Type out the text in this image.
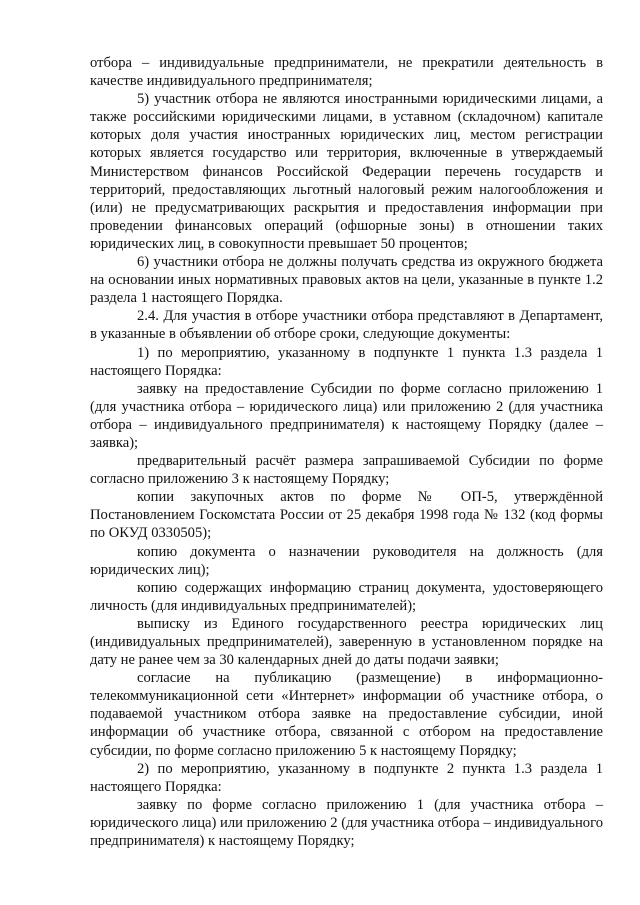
отбора – индивидуальные предприниматели, не прекратили деятельность в качестве индивидуального предпринимателя;

5) участник отбора не являются иностранными юридическими лицами, а также российскими юридическими лицами, в уставном (складочном) капитале которых доля участия иностранных юридических лиц, местом регистрации которых является государство или территория, включенные в утверждаемый Министерством финансов Российской Федерации перечень государств и территорий, предоставляющих льготный налоговый режим налогообложения и (или) не предусматривающих раскрытия и предоставления информации при проведении финансовых операций (офшорные зоны) в отношении таких юридических лиц, в совокупности превышает 50 процентов;

6) участники отбора не должны получать средства из окружного бюджета на основании иных нормативных правовых актов на цели, указанные в пункте 1.2 раздела 1 настоящего Порядка.

2.4. Для участия в отборе участники отбора представляют в Департамент, в указанные в объявлении об отборе сроки, следующие документы:

1) по мероприятию, указанному в подпункте 1 пункта 1.3 раздела 1 настоящего Порядка:

заявку на предоставление Субсидии по форме согласно приложению 1 (для участника отбора – юридического лица) или приложению 2 (для участника отбора – индивидуального предпринимателя) к настоящему Порядку (далее – заявка);

предварительный расчёт размера запрашиваемой Субсидии по форме согласно приложению 3 к настоящему Порядку;

копии закупочных актов по форме № ОП-5, утверждённой Постановлением Госкомстата России от 25 декабря 1998 года № 132 (код формы по ОКУД 0330505);

копию документа о назначении руководителя на должность (для юридических лиц);

копию содержащих информацию страниц документа, удостоверяющего личность (для индивидуальных предпринимателей);

выписку из Единого государственного реестра юридических лиц (индивидуальных предпринимателей), заверенную в установленном порядке на дату не ранее чем за 30 календарных дней до даты подачи заявки;

согласие на публикацию (размещение) в информационно-телекоммуникационной сети «Интернет» информации об участнике отбора, о подаваемой участником отбора заявке на предоставление субсидии, иной информации об участнике отбора, связанной с отбором на предоставление субсидии, по форме согласно приложению 5 к настоящему Порядку;

2) по мероприятию, указанному в подпункте 2 пункта 1.3 раздела 1 настоящего Порядка:

заявку по форме согласно приложению 1 (для участника отбора – юридического лица) или приложению 2 (для участника отбора – индивидуального предпринимателя) к настоящему Порядку;
